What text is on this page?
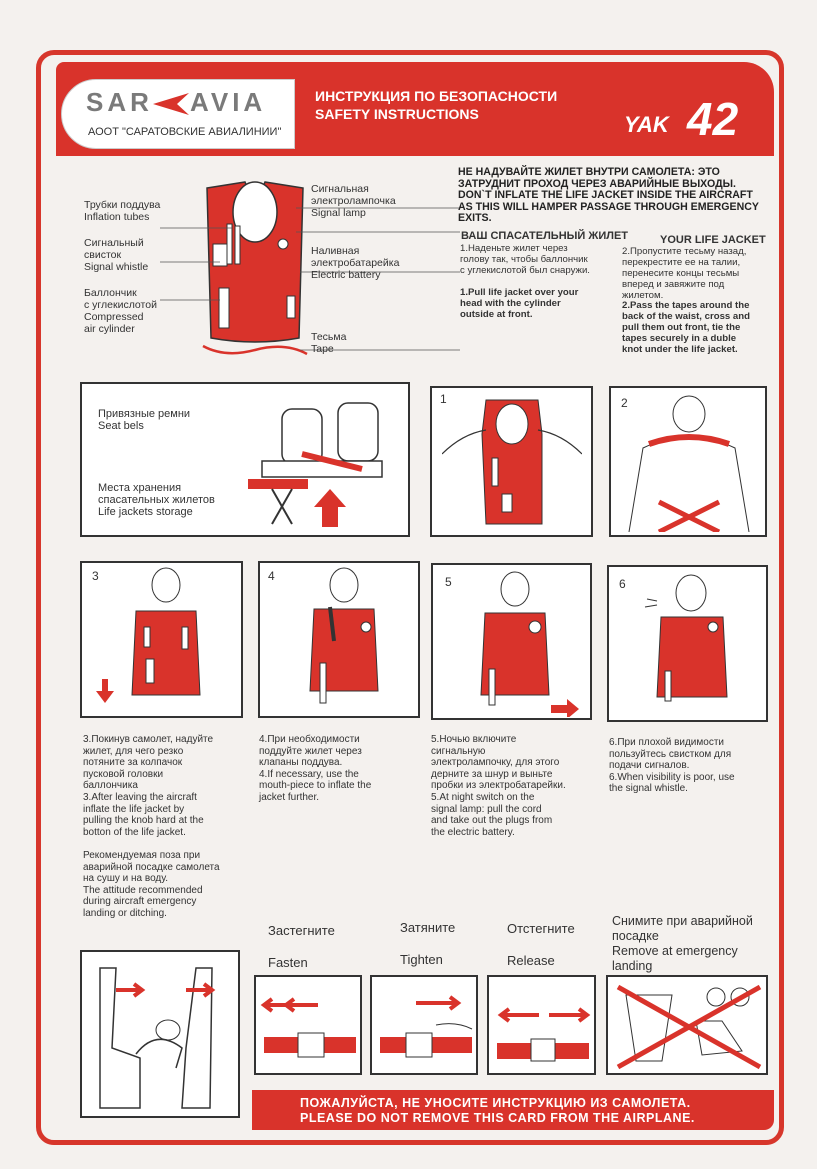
SAR AVIA
АООТ "САРАТОВСКИЕ АВИАЛИНИИ"
ИНСТРУКЦИЯ ПО БЕЗОПАСНОСТИ
SAFETY INSTRUCTIONS	YAK 42
Трубки поддува
Inflation tubes
Сигнальный
свисток
Signal whistle
Баллончик
с углекислотой
Compressed
air cylinder
Сигнальная
электролампочка
Signal lamp
Наливная
электробатарейка
Electric battery
Тесьма
Tape
НЕ НАДУВАЙТЕ ЖИЛЕТ ВНУТРИ САМОЛЕТА: ЭТО
ЗАТРУДНИТ ПРОХОД ЧЕРЕЗ АВАРИЙНЫЕ ВЫХОДЫ.
DON`T INFLATE THE LIFE JACKET INSIDE THE AIRCRAFT
AS THIS WILL HAMPER PASSAGE THROUGH EMERGENCY
EXITS.
ВАШ СПАСАТЕЛЬНЫЙ ЖИЛЕТ	YOUR LIFE JACKET
1.Наденьте жилет через
голову так, чтобы баллончик
с углекислотой был снаружи.
1.Pull life jacket over your
head with the cylinder
outside at front.
2.Пропустите тесьму назад,
перекрестите ее на талии,
перенесите концы тесьмы
вперед и завяжите под
жилетом.
2.Pass the tapes around the
back of the waist, cross and
pull them out front, tie the
tapes securely in a duble
knot under the life jacket.
Привязные ремни
Seat bels
Места хранения
спасательных жилетов
Life jackets storage
1	2
3	4	5	6
3.Покинув самолет, надуйте
жилет, для чего резко
потяните за колпачок
пусковой головки
баллончика
3.After leaving the aircraft
inflate the life jacket by
pulling the knob hard at the
botton of the life jacket.

Рекомендуемая поза при
аварийной посадке самолета
на сушу и на воду.
The attitude recommended
during aircraft emergency
landing or ditching.
4.При необходимости
поддуйте жилет через
клапаны поддува.
4.If necessary, use the
mouth-piece to inflate the
jacket further.
5.Ночью включите
сигнальную
электролампочку, для этого
дерните за шнур и выньте
пробки из электробатарейки.
5.At night switch on the
signal lamp: pull the cord
and take out the plugs from
the electric battery.
6.При плохой видимости
пользуйтесь свистком для
подачи сигналов.
6.When visibility is poor, use
the signal whistle.
Застегните
Fasten
Затяните
Tighten
Отстегните
Release
Снимите при аварийной
посадке
Remove at emergency
landing
ПОЖАЛУЙСТА, НЕ УНОСИТЕ ИНСТРУКЦИЮ ИЗ САМОЛЕТА.
PLEASE DO NOT REMOVE THIS CARD FROM THE AIRPLANE.
